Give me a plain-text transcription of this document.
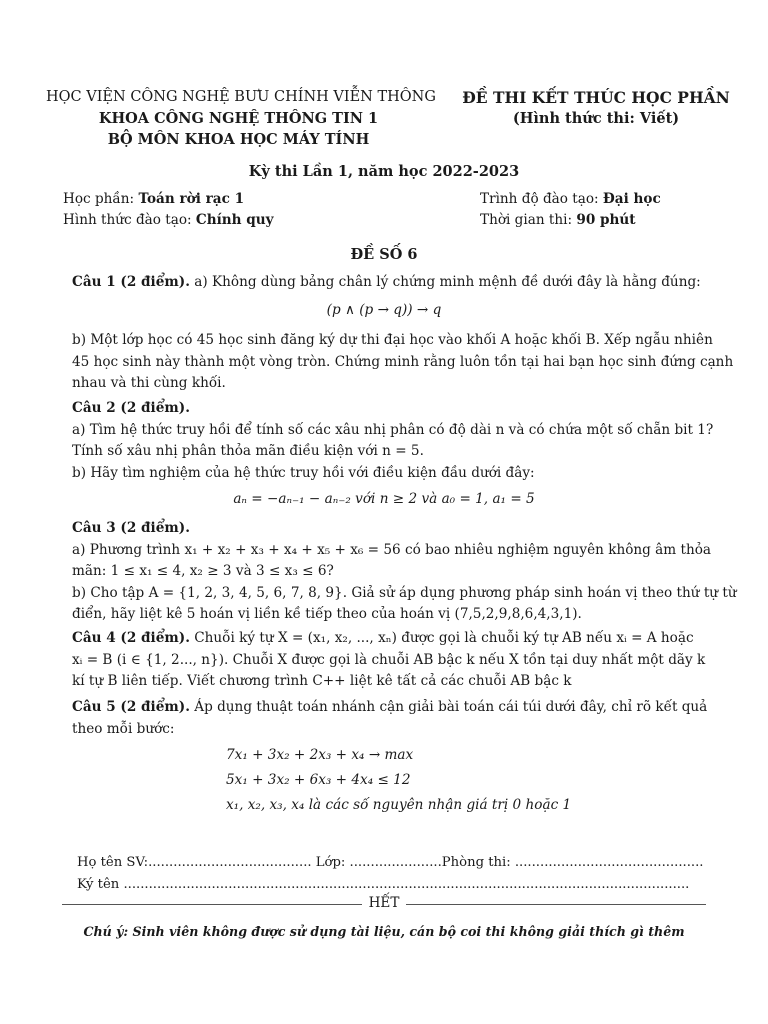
HỌC VIỆN CÔNG NGHỆ BƯU CHÍNH VIỄN THÔNG
KHOA CÔNG NGHỆ THÔNG TIN 1
BỘ MÔN KHOA HỌC MÁY TÍNH
ĐỀ THI KẾT THÚC HỌC PHẦN
(Hình thức thi: Viết)
Kỳ thi Lần 1, năm học 2022-2023
Học phần: Toán rời rạc 1
Hình thức đào tạo: Chính quy
Trình độ đào tạo: Đại học
Thời gian thi: 90 phút
ĐỀ SỐ 6
Câu 1 (2 điểm). a) Không dùng bảng chân lý chứng minh mệnh đề dưới đây là hằng đúng:
(p ∧ (p → q)) → q
b) Một lớp học có 45 học sinh đăng ký dự thi đại học vào khối A hoặc khối B. Xếp ngẫu nhiên
45 học sinh này thành một vòng tròn. Chứng minh rằng luôn tồn tại hai bạn học sinh đứng cạnh
nhau và thi cùng khối.
Câu 2 (2 điểm).
a) Tìm hệ thức truy hồi để tính số các xâu nhị phân có độ dài n và có chứa một số chẵn bit 1?
Tính số xâu nhị phân thỏa mãn điều kiện với n = 5.
b) Hãy tìm nghiệm của hệ thức truy hồi với điều kiện đầu dưới đây:
aₙ = −aₙ₋₁ − aₙ₋₂ với n ≥ 2 và a₀ = 1, a₁ = 5
Câu 3 (2 điểm).
a) Phương trình x₁ + x₂ + x₃ + x₄ + x₅ + x₆ = 56 có bao nhiêu nghiệm nguyên không âm thỏa
mãn: 1 ≤ x₁ ≤ 4, x₂ ≥ 3 và 3 ≤ x₃ ≤ 6?
b) Cho tập A = {1, 2, 3, 4, 5, 6, 7, 8, 9}. Giả sử áp dụng phương pháp sinh hoán vị theo thứ tự từ
điển, hãy liệt kê 5 hoán vị liền kề tiếp theo của hoán vị (7,5,2,9,8,6,4,3,1).
Câu 4 (2 điểm). Chuỗi ký tự X = (x₁, x₂, ..., xₙ) được gọi là chuỗi ký tự AB nếu xᵢ = A hoặc
xᵢ = B (i ∈ {1, 2..., n}). Chuỗi X được gọi là chuỗi AB bậc k nếu X tồn tại duy nhất một dãy k
kí tự B liên tiếp. Viết chương trình C++ liệt kê tất cả các chuỗi AB bậc k
Câu 5 (2 điểm). Áp dụng thuật toán nhánh cận giải bài toán cái túi dưới đây, chỉ rõ kết quả
theo mỗi bước:
7x₁ + 3x₂ + 2x₃ + x₄ → max
5x₁ + 3x₂ + 6x₃ + 4x₄ ≤ 12
x₁, x₂, x₃, x₄ là các số nguyên nhận giá trị 0 hoặc 1
Họ tên SV:....................................... Lớp: ......................Phòng thi: .............................................
Ký tên .......................................................................................................................................
HẾT
Chú ý: Sinh viên không được sử dụng tài liệu, cán bộ coi thi không giải thích gì thêm
